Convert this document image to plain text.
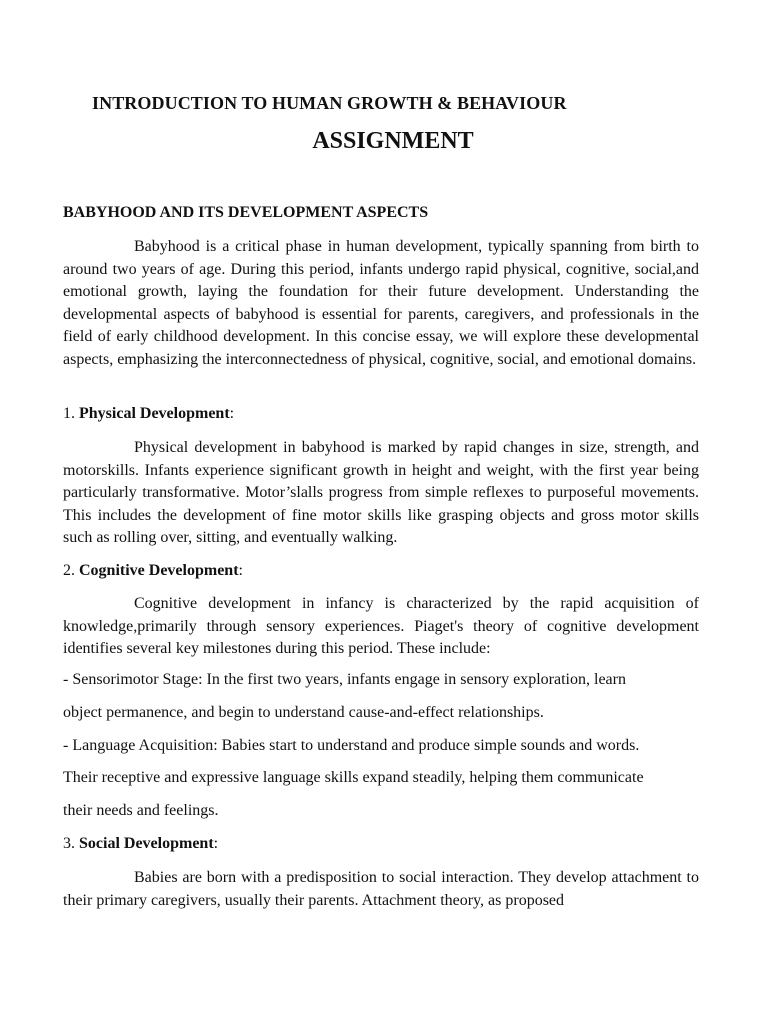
INTRODUCTION TO HUMAN GROWTH & BEHAVIOUR
ASSIGNMENT
BABYHOOD AND ITS DEVELOPMENT ASPECTS

Babyhood is a critical phase in human development, typically spanning from birth to around two years of age. During this period, infants undergo rapid physical, cognitive, social,and emotional growth, laying the foundation for their future development. Understanding the developmental aspects of babyhood is essential for parents, caregivers, and professionals in the field of early childhood development. In this concise essay, we will explore these developmental aspects, emphasizing the interconnectedness of physical, cognitive, social, and emotional domains.

1. Physical Development:

Physical development in babyhood is marked by rapid changes in size, strength, and motorskills. Infants experience significant growth in height and weight, with the first year being particularly transformative. Motor’slalls progress from simple reflexes to purposeful movements. This includes the development of fine motor skills like grasping objects and gross motor skills such as rolling over, sitting, and eventually walking.

2. Cognitive Development:

Cognitive development in infancy is characterized by the rapid acquisition of knowledge,primarily through sensory experiences. Piaget's theory of cognitive development identifies several key milestones during this period. These include:

- Sensorimotor Stage: In the first two years, infants engage in sensory exploration, learn
object permanence, and begin to understand cause-and-effect relationships.
- Language Acquisition: Babies start to understand and produce simple sounds and words.
Their receptive and expressive language skills expand steadily, helping them communicate
their needs and feelings.
3. Social Development:

Babies are born with a predisposition to social interaction. They develop attachment to their primary caregivers, usually their parents. Attachment theory, as proposed
